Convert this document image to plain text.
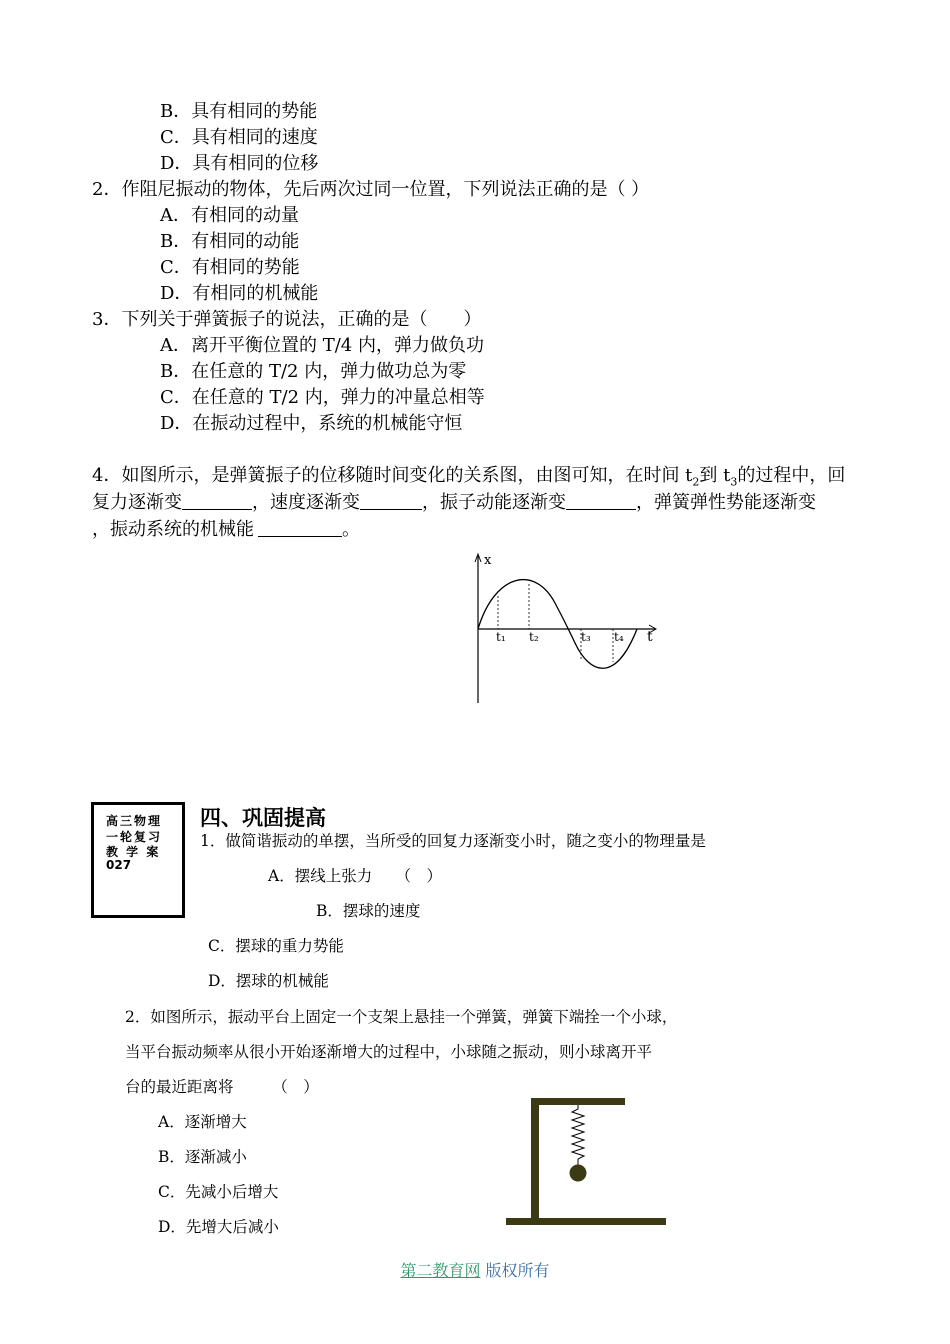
B．具有相同的势能
C．具有相同的速度
D．具有相同的位移
2．作阻尼振动的物体，先后两次过同一位置，下列说法正确的是（ ）
A．有相同的动量
B．有相同的动能
C．有相同的势能
D．有相同的机械能
3．下列关于弹簧振子的说法，正确的是（　　）
A．离开平衡位置的 T/4 内，弹力做负功
B．在任意的 T/2 内，弹力做功总为零
C．在任意的 T/2 内，弹力的冲量总相等
D．在振动过程中，系统的机械能守恒
4．如图所示，是弹簧振子的位移随时间变化的关系图，由图可知，在时间 $t_2$到 $t_3$的过程中，回
复力逐渐变	，速度逐渐变	，振子动能逐渐变	，弹簧弹性势能逐渐变
，振动系统的机械能	。
x
t
t₁ t₂	t₃ t₄
高三物理
一轮复习
教 学 案
027
四、巩固提高
1．做简谐振动的单摆，当所受的回复力逐渐变小时，随之变小的物理量是
A．摆线上张力　　（　）
B．摆球的速度
C．摆球的重力势能
D．摆球的机械能
2．如图所示，振动平台上固定一个支架上悬挂一个弹簧，弹簧下端拴一个小球，
当平台振动频率从很小开始逐渐增大的过程中，小球随之振动，则小球离开平
台的最近距离将　　　（　）
A．逐渐增大
B．逐渐减小
C．先减小后增大
D．先增大后减小
第二教育网 版权所有
